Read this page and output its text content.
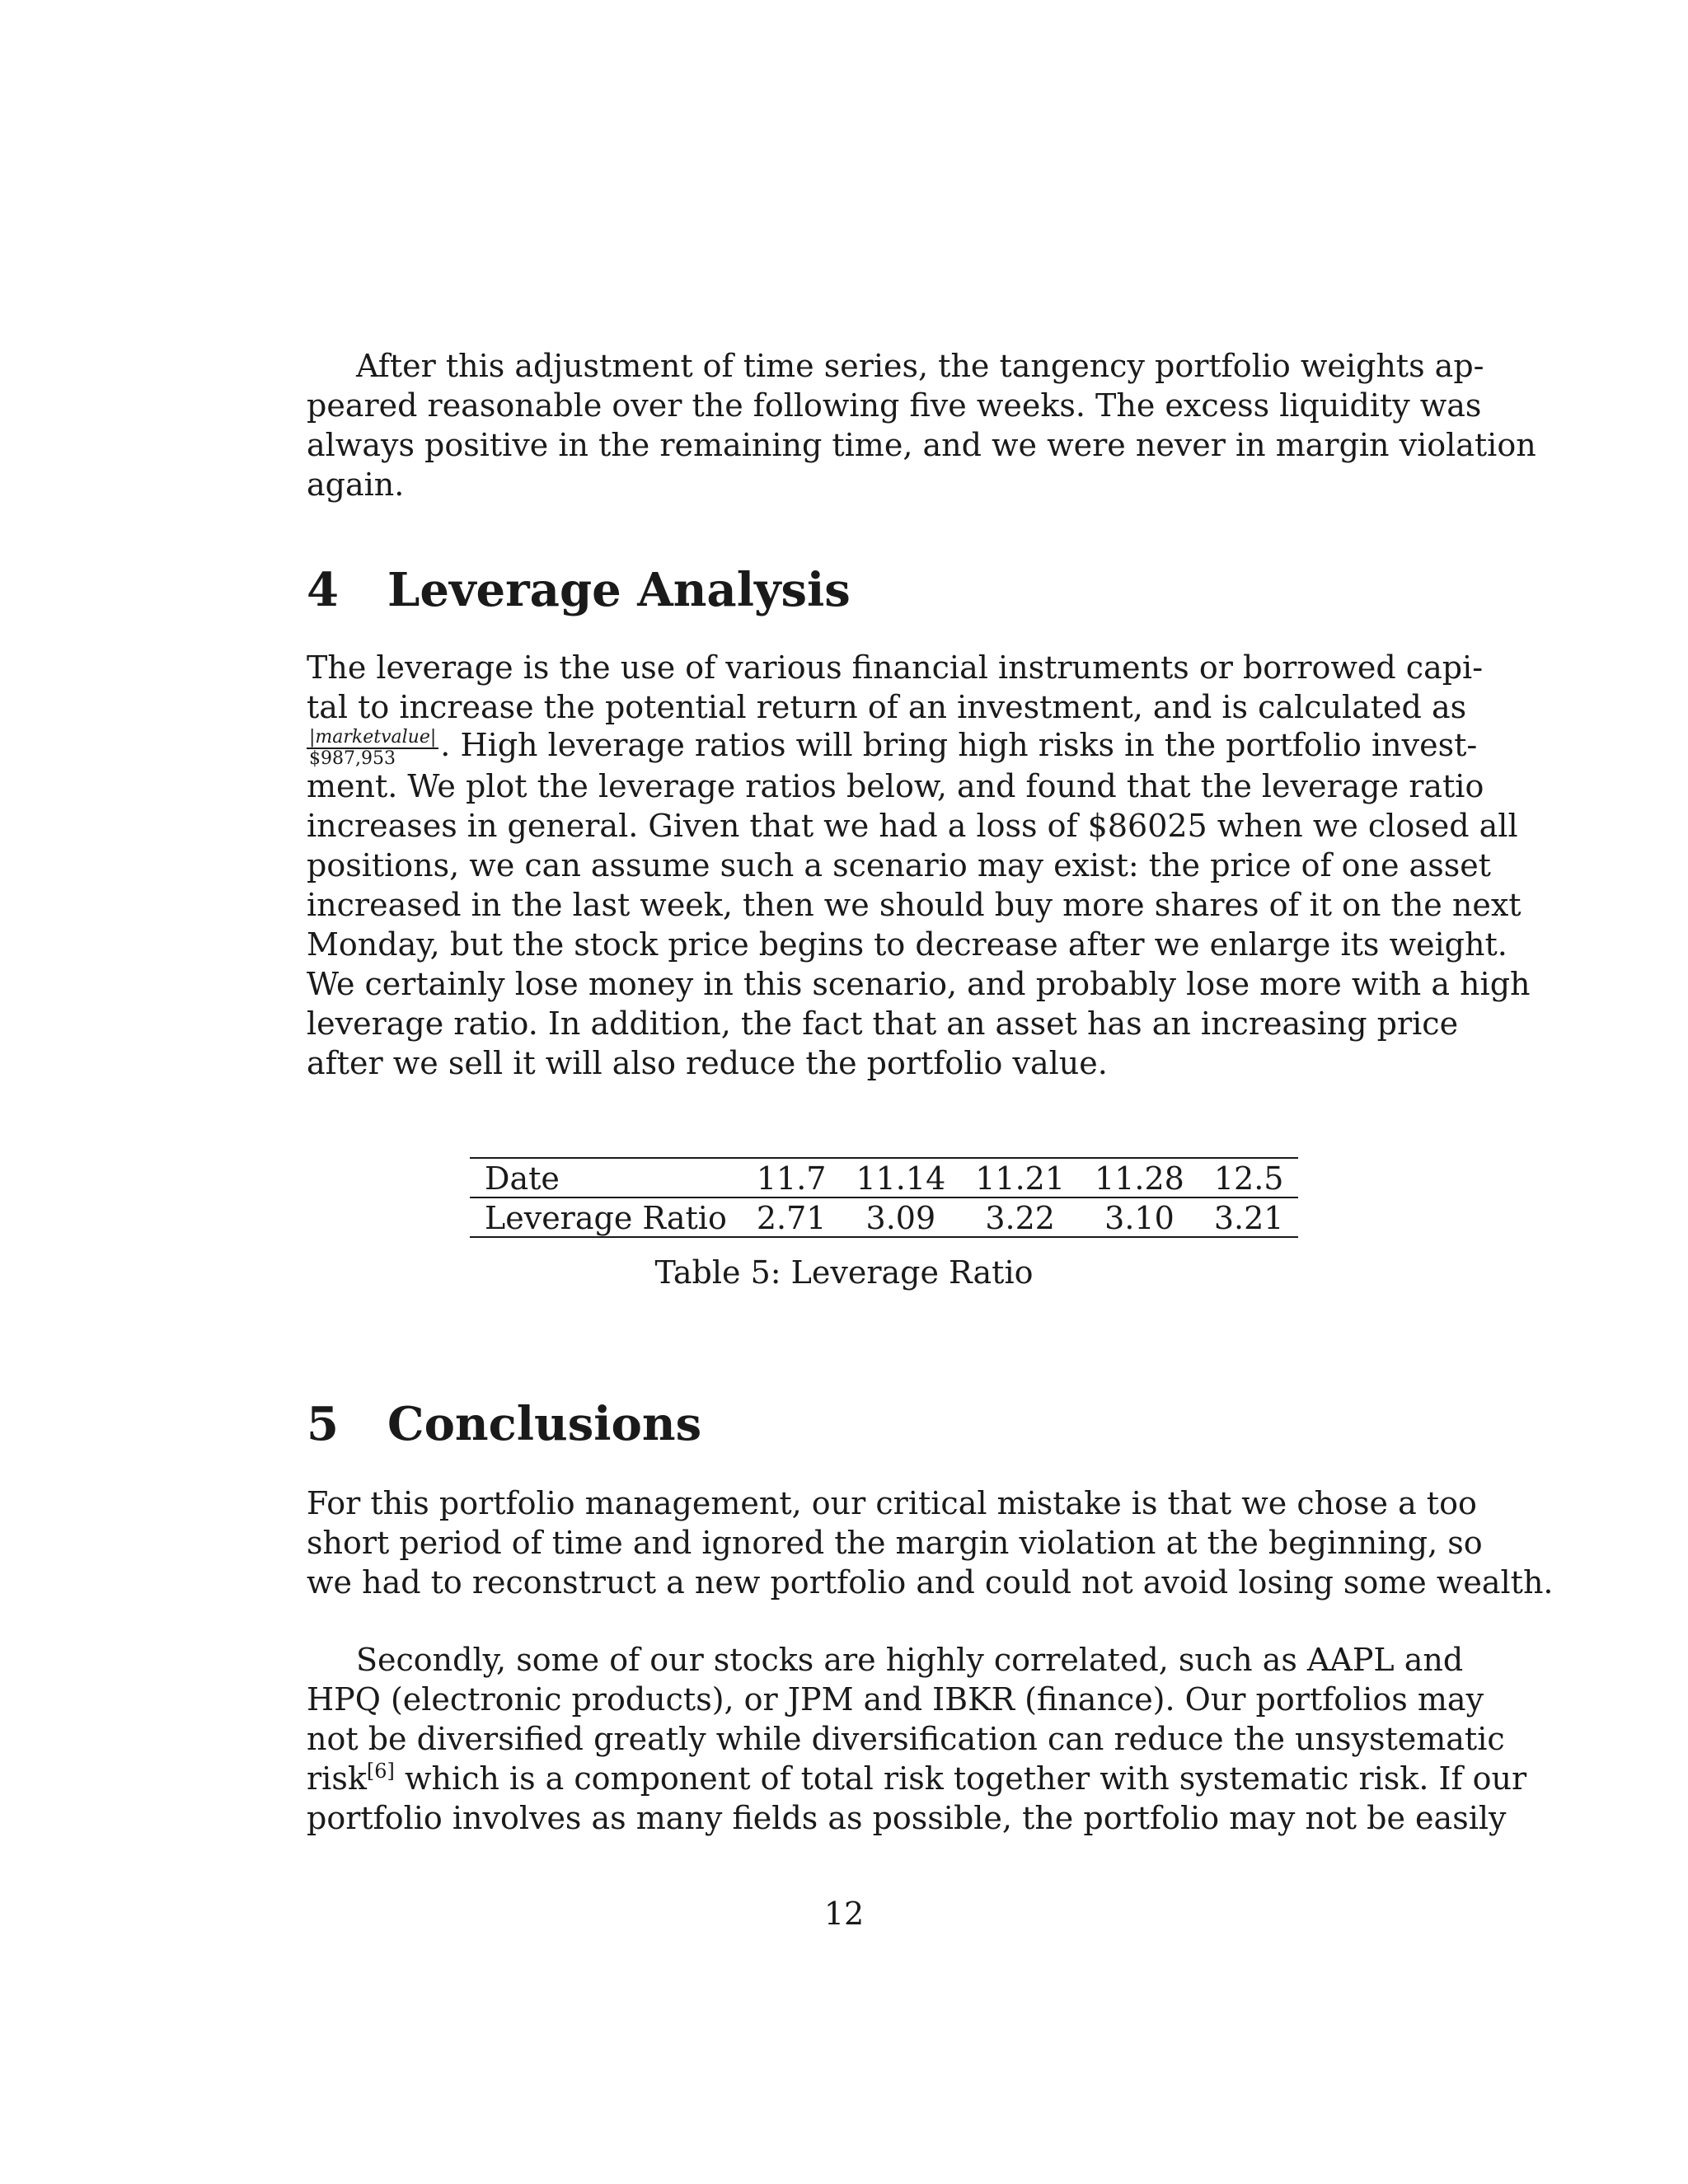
After this adjustment of time series, the tangency portfolio weights ap-
peared reasonable over the following five weeks. The excess liquidity was
always positive in the remaining time, and we were never in margin violation
again.
4 Leverage Analysis
The leverage is the use of various financial instruments or borrowed capi-
tal to increase the potential return of an investment, and is calculated as
$\frac{\text{|marketvalue|}}{\$987,953}$ . High leverage ratios will bring high risks in the portfolio invest-
ment. We plot the leverage ratios below, and found that the leverage ratio
increases in general. Given that we had a loss of $86025 when we closed all
positions, we can assume such a scenario may exist: the price of one asset
increased in the last week, then we should buy more shares of it on the next
Monday, but the stock price begins to decrease after we enlarge its weight.
We certainly lose money in this scenario, and probably lose more with a high
leverage ratio. In addition, the fact that an asset has an increasing price
after we sell it will also reduce the portfolio value.
Date	11.7	11.14	11.21	11.28	12.5
Leverage Ratio	2.71	3.09	3.22	3.10	3.21
Table 5: Leverage Ratio
5 Conclusions
For this portfolio management, our critical mistake is that we chose a too
short period of time and ignored the margin violation at the beginning, so
we had to reconstruct a new portfolio and could not avoid losing some wealth.
Secondly, some of our stocks are highly correlated, such as AAPL and
HPQ (electronic products), or JPM and IBKR (finance). Our portfolios may
not be diversified greatly while diversification can reduce the unsystematic
risk[6] which is a component of total risk together with systematic risk. If our
portfolio involves as many fields as possible, the portfolio may not be easily
12
